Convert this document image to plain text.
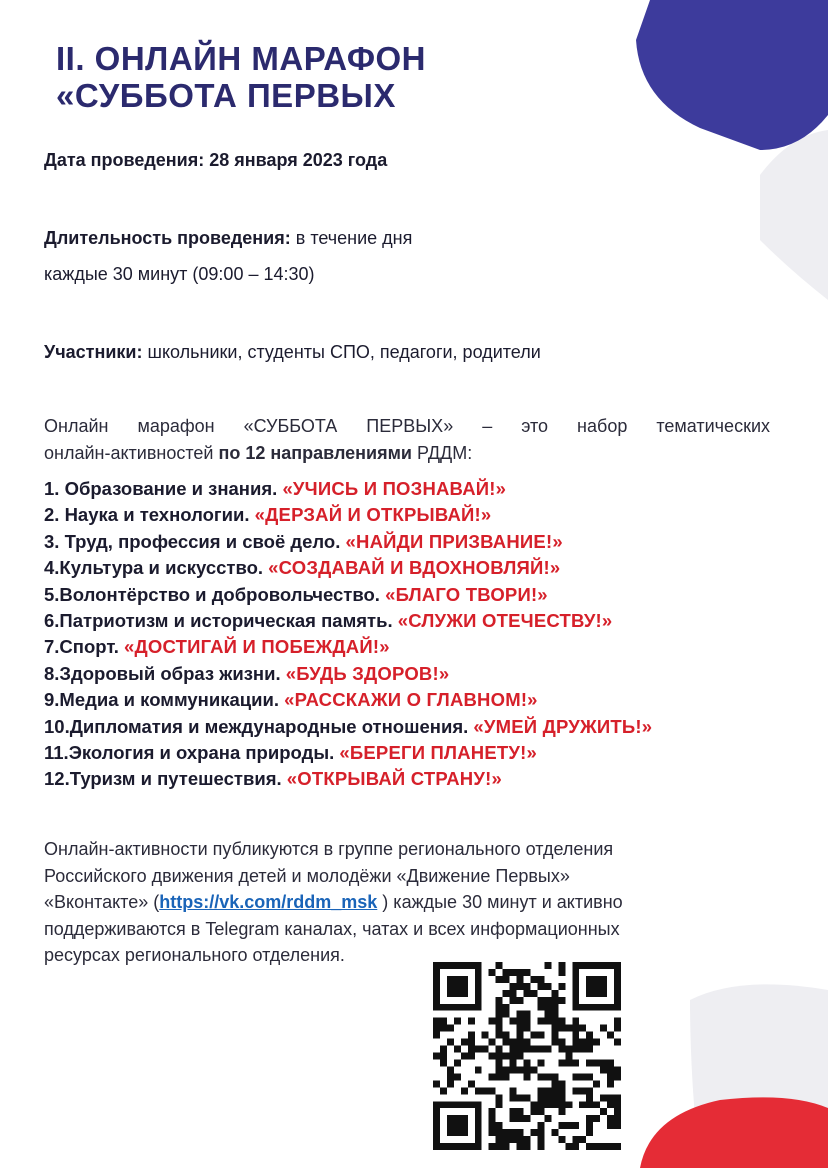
II. ОНЛАЙН МАРАФОН
«СУББОТА ПЕРВЫХ
Дата проведения: 28 января 2023 года
Длительность проведения: в течение дня
каждые 30 минут (09:00 – 14:30)
Участники: школьники, студенты СПО, педагоги, родители
Онлайн марафон «СУББОТА ПЕРВЫХ» – это набор тематических
онлайн-активностей по 12 направлениями РДДМ:
1. Образование и знания. «УЧИСЬ И ПОЗНАВАЙ!»
2. Наука и технологии. «ДЕРЗАЙ И ОТКРЫВАЙ!»
3. Труд, профессия и своё дело. «НАЙДИ ПРИЗВАНИЕ!»
4.Культура и искусство. «СОЗДАВАЙ И ВДОХНОВЛЯЙ!»
5.Волонтёрство и добровольчество. «БЛАГО ТВОРИ!»
6.Патриотизм и историческая память. «СЛУЖИ ОТЕЧЕСТВУ!»
7.Спорт. «ДОСТИГАЙ И ПОБЕЖДАЙ!»
8.Здоровый образ жизни. «БУДЬ ЗДОРОВ!»
9.Медиа и коммуникации. «РАССКАЖИ О ГЛАВНОМ!»
10.Дипломатия и международные отношения. «УМЕЙ ДРУЖИТЬ!»
11.Экология и охрана природы. «БЕРЕГИ ПЛАНЕТУ!»
12.Туризм и путешествия. «ОТКРЫВАЙ СТРАНУ!»
Онлайн-активности публикуются в группе регионального отделения
Российского движения детей и молодёжи «Движение Первых»
«Вконтакте» (https://vk.com/rddm_msk ) каждые 30 минут и активно
поддерживаются в Telegram каналах, чатах и всех информационных
ресурсах регионального отделения.
